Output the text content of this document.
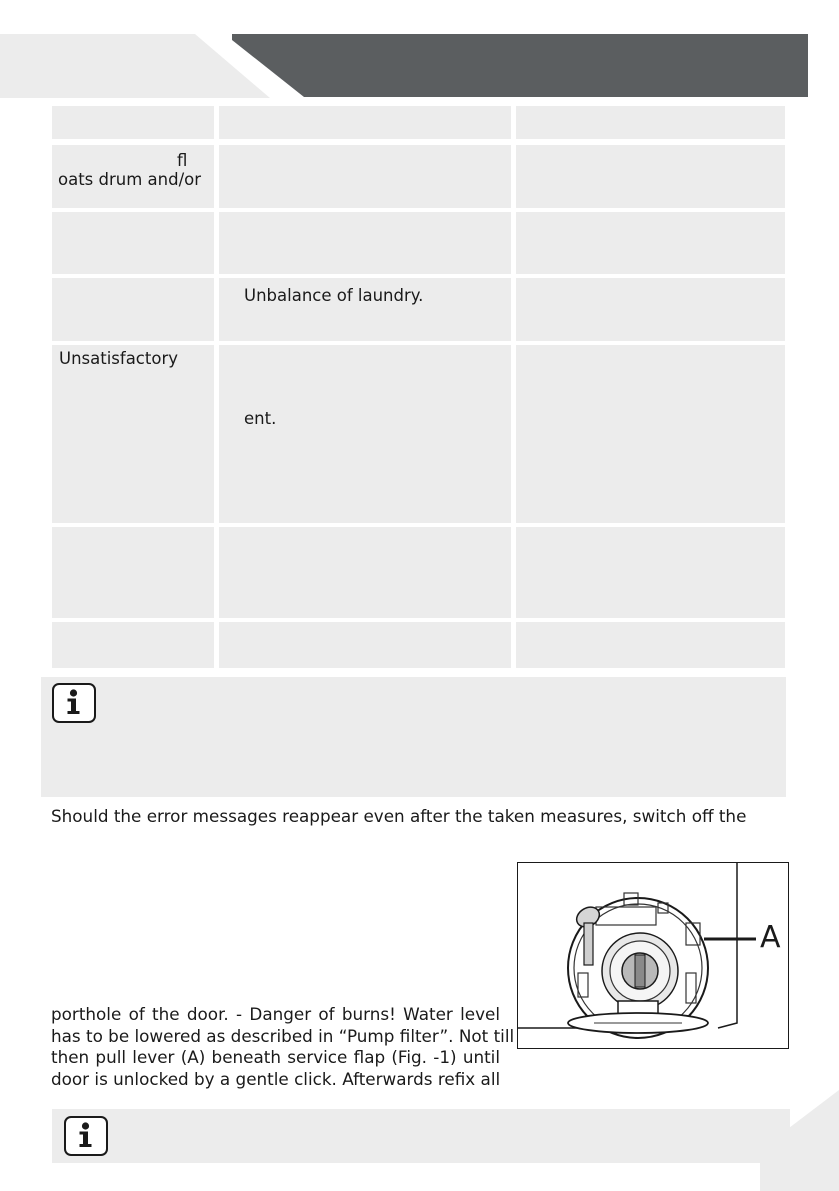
fl
oats drum and/or
Unbalance of laundry.
Unsatisfactory
ent.
Should the error messages reappear even after the taken measures, switch off the
porthole of the door. - Danger of burns! Water level
has to be lowered as described in “Pump filter”. Not till
then pull lever (A) beneath service flap (Fig. -1) until
door is unlocked by a gentle click. Afterwards refix all
A
